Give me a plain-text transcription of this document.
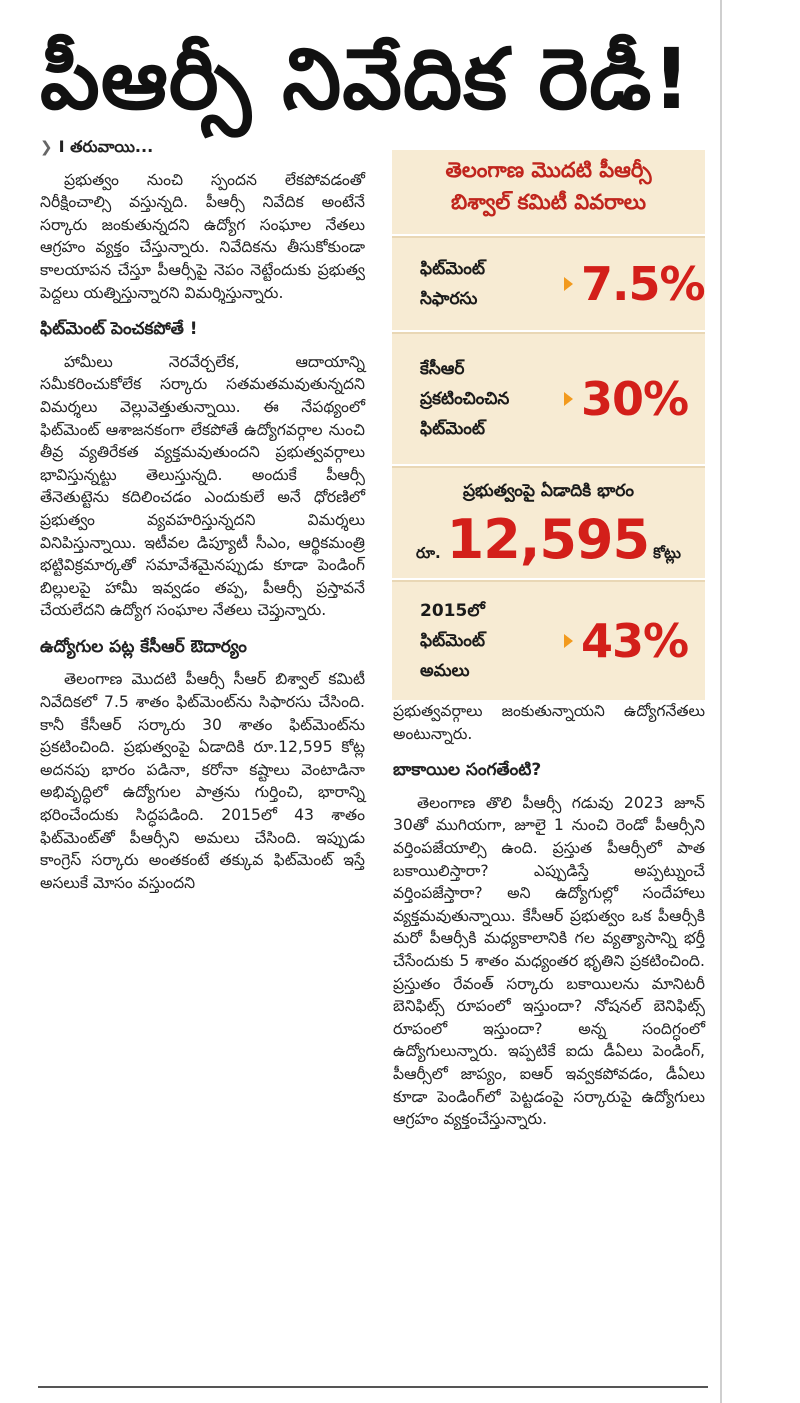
పీఆర్సీ నివేదిక రెడీ!
❯ I తరువాయి...

ప్రభుత్వం నుంచి స్పందన లేకపోవడంతో నిరీక్షించాల్సి వస్తున్నది. పీఆర్సీ నివేదిక అంటేనే సర్కారు జంకుతున్నదని ఉద్యోగ సంఘాల నేతలు ఆగ్రహం వ్యక్తం చేస్తున్నారు. నివేదికను తీసుకోకుండా కాలయాపన చేస్తూ పీఆర్సీపై నెపం నెట్టేందుకు ప్రభుత్వ పెద్దలు యత్నిస్తున్నారని విమర్శిస్తున్నారు.

ఫిట్‌మెంట్ పెంచకపోతే !

హామీలు నెరవేర్చలేక, ఆదాయాన్ని సమీకరించుకోలేక సర్కారు సతమతమవుతున్నదని విమర్శలు వెల్లువెత్తుతున్నాయి. ఈ నేపథ్యంలో ఫిట్‌మెంట్ ఆశాజనకంగా లేకపోతే ఉద్యోగవర్గాల నుంచి తీవ్ర వ్యతిరేకత వ్యక్తమవుతుందని ప్రభుత్వవర్గాలు భావిస్తున్నట్టు తెలుస్తున్నది. అందుకే పీఆర్సీ తేనెతుట్టెను కదిలించడం ఎందుకులే అనే ధోరణిలో ప్రభుత్వం వ్యవహరిస్తున్నదని విమర్శలు వినిపిస్తున్నాయి. ఇటీవల డిప్యూటీ సీఎం, ఆర్థికమంత్రి భట్టివిక్రమార్కతో సమావేశమైనప్పుడు కూడా పెండింగ్ బిల్లులపై హామీ ఇవ్వడం తప్ప, పీఆర్సీ ప్రస్తావనే చేయలేదని ఉద్యోగ సంఘాల నేతలు చెప్తున్నారు.

ఉద్యోగుల పట్ల కేసీఆర్ ఔదార్యం

తెలంగాణ మొదటి పీఆర్సీ సీఆర్ బిశ్వాల్ కమిటీ నివేదికలో 7.5 శాతం ఫిట్‌మెంట్‌ను సిఫారసు చేసింది. కానీ కేసీఆర్ సర్కారు 30 శాతం ఫిట్‌మెంట్‌ను ప్రకటించింది. ప్రభుత్వంపై ఏడాదికి రూ.12,595 కోట్ల అదనపు భారం పడినా, కరోనా కష్టాలు వెంటాడినా అభివృద్ధిలో ఉద్యోగుల పాత్రను గుర్తించి, భారాన్ని భరించేందుకు సిద్ధపడింది. 2015లో 43 శాతం ఫిట్‌మెంట్‌తో పీఆర్సీని అమలు చేసింది. ఇప్పుడు కాంగ్రెస్ సర్కారు అంతకంటే తక్కువ ఫిట్‌మెంట్ ఇస్తే అసలుకే మోసం వస్తుందని

తెలంగాణ మొదటి పీఆర్సీ
బిశ్వాల్ కమిటీ వివరాలు
ఫిట్‌మెంట్
సిఫారసు	7.5%
కేసీఆర్
ప్రకటించించిన
ఫిట్‌మెంట్
30%
ప్రభుత్వంపై ఏడాదికి భారం
రూ. 12,595 కోట్లు
2015లో
ఫిట్‌మెంట్
అమలు
43%

ప్రభుత్వవర్గాలు జంకుతున్నాయని ఉద్యోగనేతలు అంటున్నారు.

బాకాయిల సంగతేంటి?

తెలంగాణ తొలి పీఆర్సీ గడువు 2023 జూన్ 30తో ముగియగా, జూలై 1 నుంచి రెండో పీఆర్సీని వర్తింపజేయాల్సి ఉంది. ప్రస్తుత పీఆర్సీలో పాత బకాయిలిస్తారా? ఎప్పుడిస్తే అప్పట్నుంచే వర్తింపజేస్తారా? అని ఉద్యోగుల్లో సందేహాలు వ్యక్తమవుతున్నాయి. కేసీఆర్ ప్రభుత్వం ఒక పీఆర్సీకి మరో పీఆర్సీకి మధ్యకాలానికి గల వ్యత్యాసాన్ని భర్తీ చేసేందుకు 5 శాతం మధ్యంతర భృతిని ప్రకటించింది. ప్రస్తుతం రేవంత్ సర్కారు బకాయిలను మానిటరీ బెనిఫిట్స్ రూపంలో ఇస్తుందా? నోషనల్ బెనిఫిట్స్ రూపంలో ఇస్తుందా? అన్న సందిగ్ధంలో ఉద్యోగులున్నారు. ఇప్పటికే ఐదు డీఏలు పెండింగ్, పీఆర్సీలో జాప్యం, ఐఆర్ ఇవ్వకపోవడం, డీఏలు కూడా పెండింగ్‌లో పెట్టడంపై సర్కారుపై ఉద్యోగులు ఆగ్రహం వ్యక్తంచేస్తున్నారు.
